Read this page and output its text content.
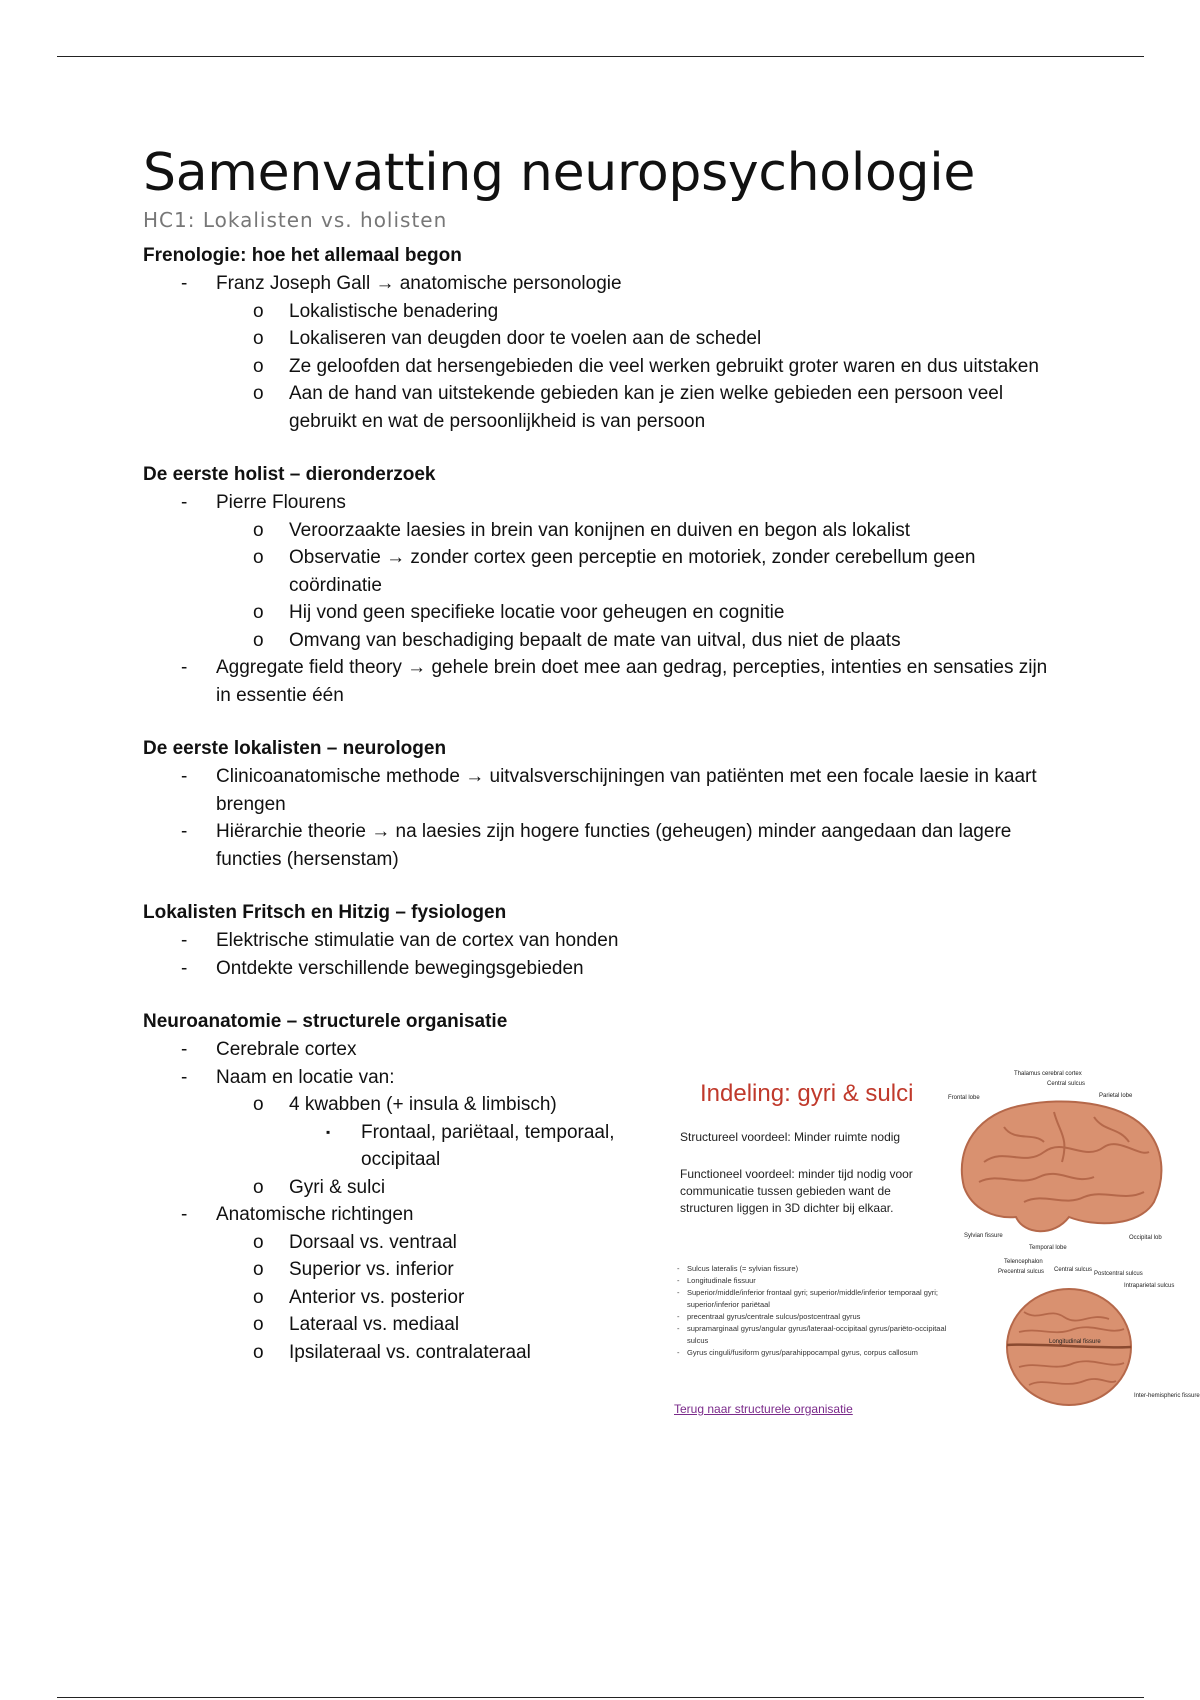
Samenvatting neuropsychologie
HC1: Lokalisten vs. holisten
Frenologie: hoe het allemaal begon
- Franz Joseph Gall → anatomische personologie
o Lokalistische benadering
o Lokaliseren van deugden door te voelen aan de schedel
o Ze geloofden dat hersengebieden die veel werken gebruikt groter waren en dus uitstaken
o Aan de hand van uitstekende gebieden kan je zien welke gebieden een persoon veel gebruikt en wat de persoonlijkheid is van persoon
De eerste holist – dieronderzoek
- Pierre Flourens
o Veroorzaakte laesies in brein van konijnen en duiven en begon als lokalist
o Observatie → zonder cortex geen perceptie en motoriek, zonder cerebellum geen coördinatie
o Hij vond geen specifieke locatie voor geheugen en cognitie
o Omvang van beschadiging bepaalt de mate van uitval, dus niet de plaats
- Aggregate field theory → gehele brein doet mee aan gedrag, percepties, intenties en sensaties zijn in essentie één
De eerste lokalisten – neurologen
- Clinicoanatomische methode → uitvalsverschijningen van patiënten met een focale laesie in kaart brengen
- Hiërarchie theorie → na laesies zijn hogere functies (geheugen) minder aangedaan dan lagere functies (hersenstam)
Lokalisten Fritsch en Hitzig – fysiologen
- Elektrische stimulatie van de cortex van honden
- Ontdekte verschillende bewegingsgebieden
Neuroanatomie – structurele organisatie
- Cerebrale cortex
- Naam en locatie van:
o 4 kwabben (+ insula & limbisch)
▪ Frontaal, pariëtaal, temporaal, occipitaal
o Gyri & sulci
- Anatomische richtingen
o Dorsaal vs. ventraal
o Superior vs. inferior
o Anterior vs. posterior
o Lateraal vs. mediaal
o Ipsilateraal vs. contralateraal
Indeling: gyri & sulci
Structureel voordeel: Minder ruimte nodig
Functioneel voordeel: minder tijd nodig voor communicatie tussen gebieden want de structuren liggen in 3D dichter bij elkaar.
- Sulcus lateralis (= sylvian fissure)
- Longitudinale fissuur
- Superior/middle/inferior frontaal gyri; superior/middle/inferior temporaal gyri; superior/inferior pariëtaal
- precentraal gyrus/centrale sulcus/postcentraal gyrus
- supramarginaal gyrus/angular gyrus/lateraal-occipitaal gyrus/pariëto-occipitaal sulcus
- Gyrus cinguli/fusiform gyrus/parahippocampal gyrus, corpus callosum
Terug naar structurele organisatie
Thalamus cerebral cortex
Central sulcus
Parietal lobe
Frontal lobe
Sylvian fissure
Temporal lobe
Occipital lob
Telencephalon
Precentral sulcus Central sulcus
Postcentral sulcus
Intraparietal sulcus
Longitudinal fissure
Inter-hemispheric fissure
